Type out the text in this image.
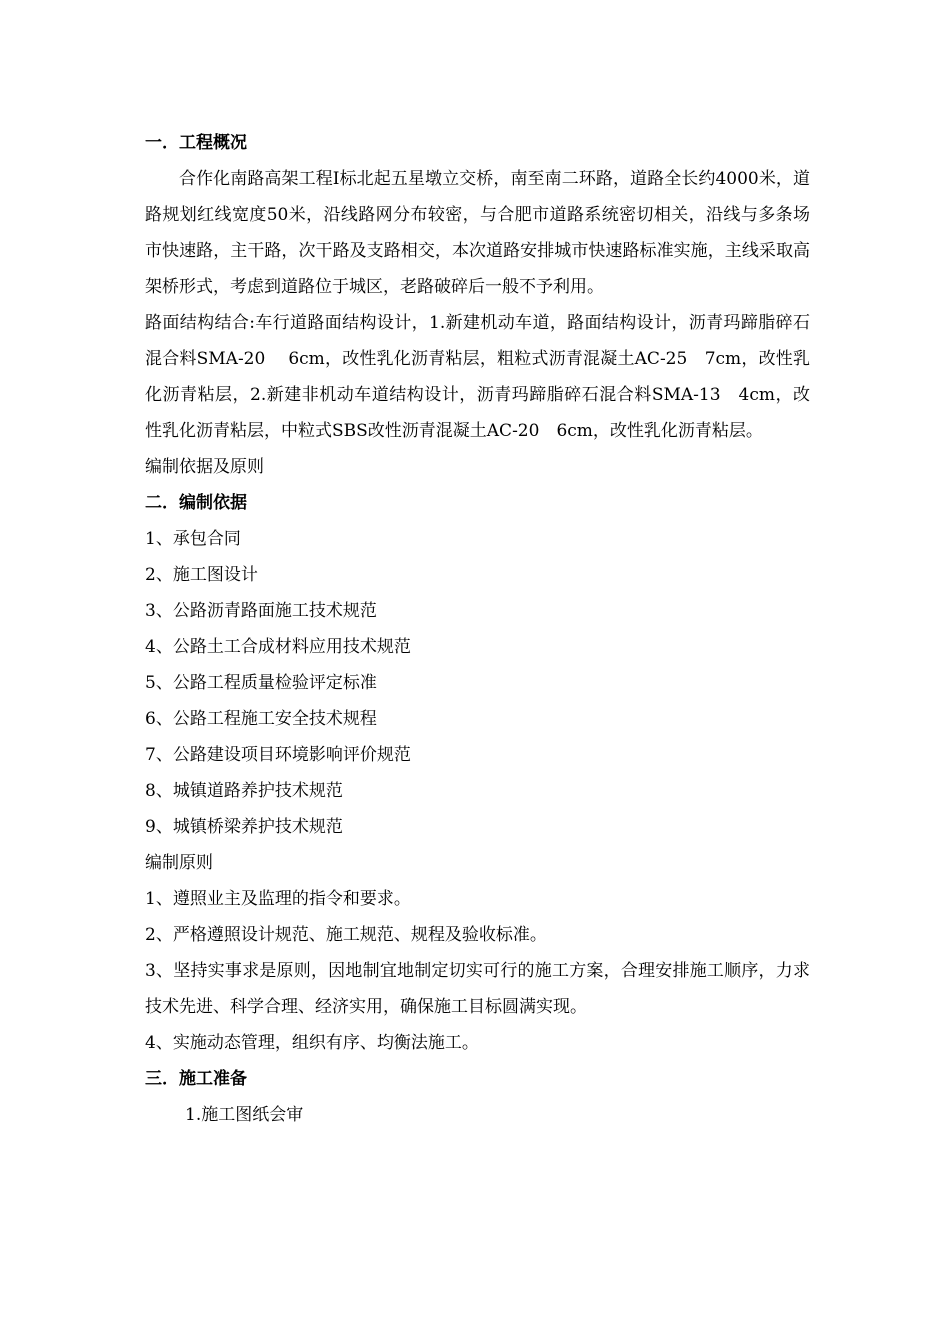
一．工程概况

合作化南路高架工程Ⅰ标北起五星墩立交桥，南至南二环路，道路全长约4000米，道路规划红线宽度50米，沿线路网分布较密，与合肥市道路系统密切相关，沿线与多条场市快速路，主干路，次干路及支路相交，本次道路安排城市快速路标准实施，主线采取高架桥形式，考虑到道路位于城区，老路破碎后一般不予利用。

路面结构结合:车行道路面结构设计，1.新建机动车道，路面结构设计，沥青玛蹄脂碎石混合料SMA-20　 6cm，改性乳化沥青粘层，粗粒式沥青混凝土AC-25　7cm，改性乳化沥青粘层，2.新建非机动车道结构设计，沥青玛蹄脂碎石混合料SMA-13　4cm，改性乳化沥青粘层，中粒式SBS改性沥青混凝土AC-20　6cm，改性乳化沥青粘层。

编制依据及原则
二．编制依据
1、承包合同
2、施工图设计
3、公路沥青路面施工技术规范
4、公路土工合成材料应用技术规范
5、公路工程质量检验评定标准
6、公路工程施工安全技术规程
7、公路建设项目环境影响评价规范
8、城镇道路养护技术规范
9、城镇桥梁养护技术规范
编制原则
1、遵照业主及监理的指令和要求。
2、严格遵照设计规范、施工规范、规程及验收标准。

3、坚持实事求是原则，因地制宜地制定切实可行的施工方案，合理安排施工顺序，力求技术先进、科学合理、经济实用，确保施工目标圆满实现。

4、实施动态管理，组织有序、均衡法施工。
三．施工准备
1.施工图纸会审
